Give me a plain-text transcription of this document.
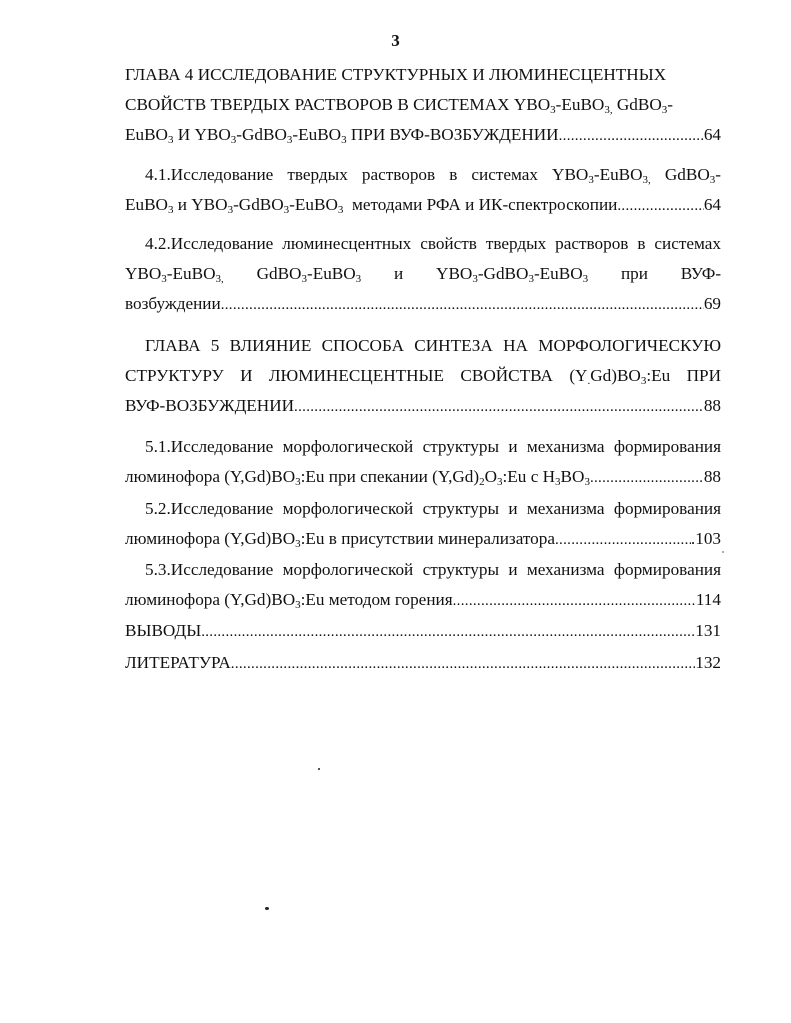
3
ГЛАВА 4 ИССЛЕДОВАНИЕ СТРУКТУРНЫХ И ЛЮМИНЕСЦЕНТНЫХ
СВОЙСТВ ТВЕРДЫХ РАСТВОРОВ В СИСТЕМАХ $YBO_3-EuBO_{3,}$ GdBO$_3$-
EuBO$_3$ И $YBO_3-GdBO_3-EuBO_3$ ПРИ ВУФ-ВОЗБУЖДЕНИИ .....	64
4.1.Исследование твердых растворов в системах $YBO_3-EuBO_{3,}$ GdBO$_3$-
EuBO$_3$ и $YBO_3-GdBO_3-EuBO_3$ методами РФА и ИК-спектроскопии .....	64
4.2.Исследование люминесцентных свойств твердых растворов в системах
$YBO_3-EuBO_{3,}$ GdBO$_3$-EuBO$_3$ и $YBO_3-GdBO_3-EuBO_3$ при ВУФ-
возбуждении .....	69
ГЛАВА 5 ВЛИЯНИЕ СПОСОБА СИНТЕЗА НА МОРФОЛОГИЧЕСКУЮ
СТРУКТУРУ И ЛЮМИНЕСЦЕНТНЫЕ СВОЙСТВА $(Y_.Gd)BO_3:Eu$ ПРИ
ВУФ-ВОЗБУЖДЕНИИ .....	88
5.1.Исследование морфологической структуры и механизма формирования
люминофора $(Y,Gd)BO_3:Eu$ при спекании $(Y,Gd)_2O_3:Eu$ с $H_3BO_3$ .....	88
5.2.Исследование морфологической структуры и механизма формирования
люминофора $(Y,Gd)BO_3:Eu$ в присутствии минерализатора .....	.103
5.3.Исследование морфологической структуры и механизма формирования
люминофора $(Y,Gd)BO_3:Eu$ методом горения .....	114
ВЫВОДЫ .....	131
ЛИТЕРАТУРА .....	132
